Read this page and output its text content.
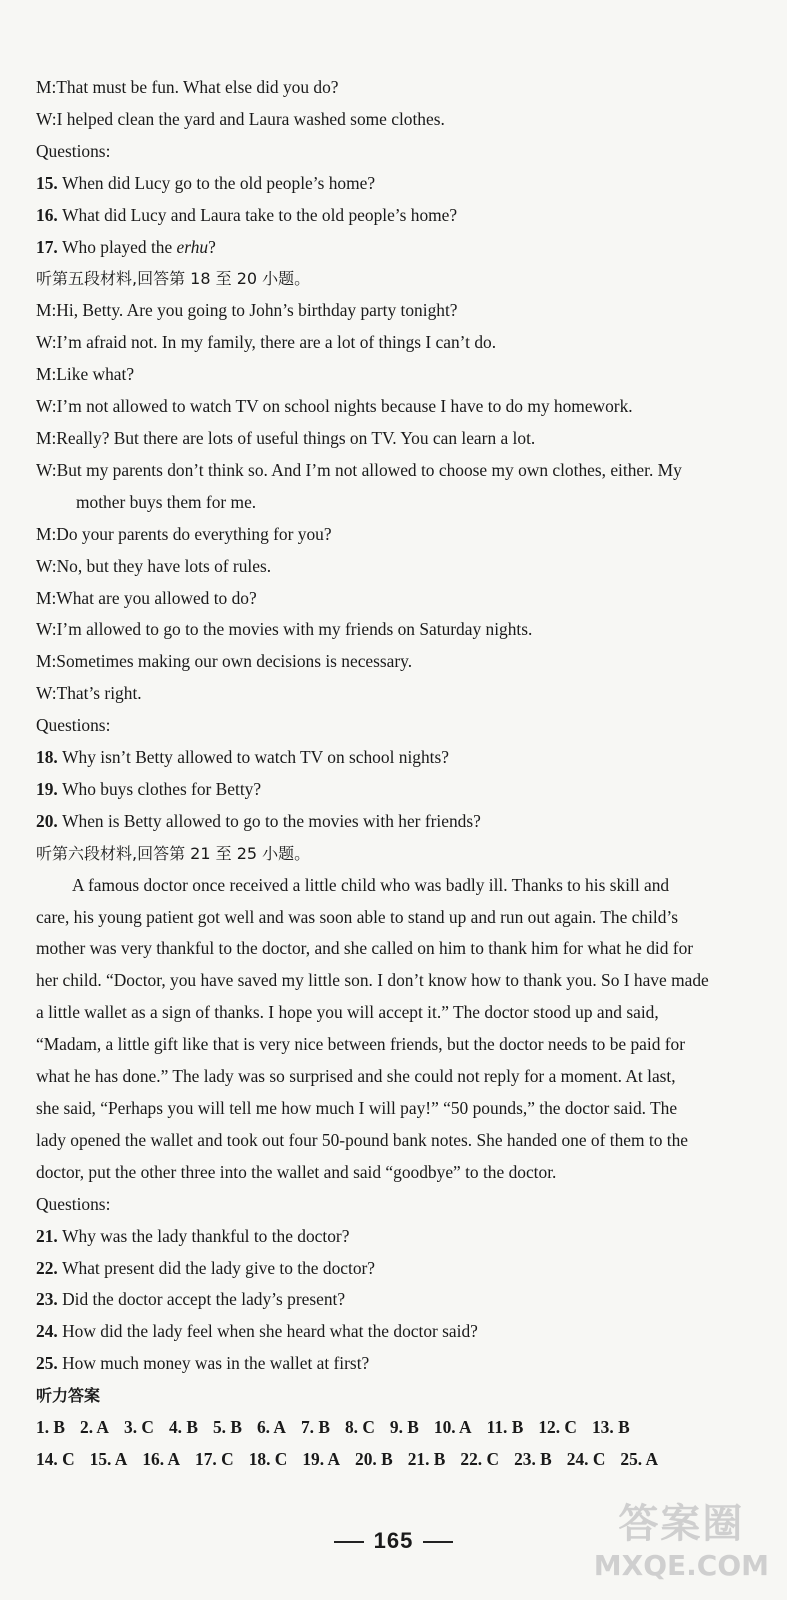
M:That must be fun. What else did you do?
W:I helped clean the yard and Laura washed some clothes.
Questions:
15. When did Lucy go to the old people’s home?
16. What did Lucy and Laura take to the old people’s home?
17. Who played the erhu?
听第五段材料,回答第 18 至 20 小题。
M:Hi, Betty. Are you going to John’s birthday party tonight?
W:I’m afraid not. In my family, there are a lot of things I can’t do.
M:Like what?
W:I’m not allowed to watch TV on school nights because I have to do my homework.
M:Really? But there are lots of useful things on TV. You can learn a lot.
W:But my parents don’t think so. And I’m not allowed to choose my own clothes, either. My
mother buys them for me.
M:Do your parents do everything for you?
W:No, but they have lots of rules.
M:What are you allowed to do?
W:I’m allowed to go to the movies with my friends on Saturday nights.
M:Sometimes making our own decisions is necessary.
W:That’s right.
Questions:
18. Why isn’t Betty allowed to watch TV on school nights?
19. Who buys clothes for Betty?
20. When is Betty allowed to go to the movies with her friends?
听第六段材料,回答第 21 至 25 小题。
A famous doctor once received a little child who was badly ill. Thanks to his skill and
care, his young patient got well and was soon able to stand up and run out again. The child’s
mother was very thankful to the doctor, and she called on him to thank him for what he did for
her child. “Doctor, you have saved my little son. I don’t know how to thank you. So I have made
a little wallet as a sign of thanks. I hope you will accept it.” The doctor stood up and said,
“Madam, a little gift like that is very nice between friends, but the doctor needs to be paid for
what he has done.” The lady was so surprised and she could not reply for a moment. At last,
she said, “Perhaps you will tell me how much I will pay!” “50 pounds,” the doctor said. The
lady opened the wallet and took out four 50-pound bank notes. She handed one of them to the
doctor, put the other three into the wallet and said “goodbye” to the doctor.
Questions:
21. Why was the lady thankful to the doctor?
22. What present did the lady give to the doctor?
23. Did the doctor accept the lady’s present?
24. How did the lady feel when she heard what the doctor said?
25. How much money was in the wallet at first?
听力答案
1. B 2. A 3. C 4. B 5. B 6. A 7. B 8. C 9. B 10. A 11. B 12. C 13. B
14. C 15. A 16. A 17. C 18. C 19. A 20. B 21. B 22. C 23. B 24. C 25. A
165	答案圈
MXQE.COM
